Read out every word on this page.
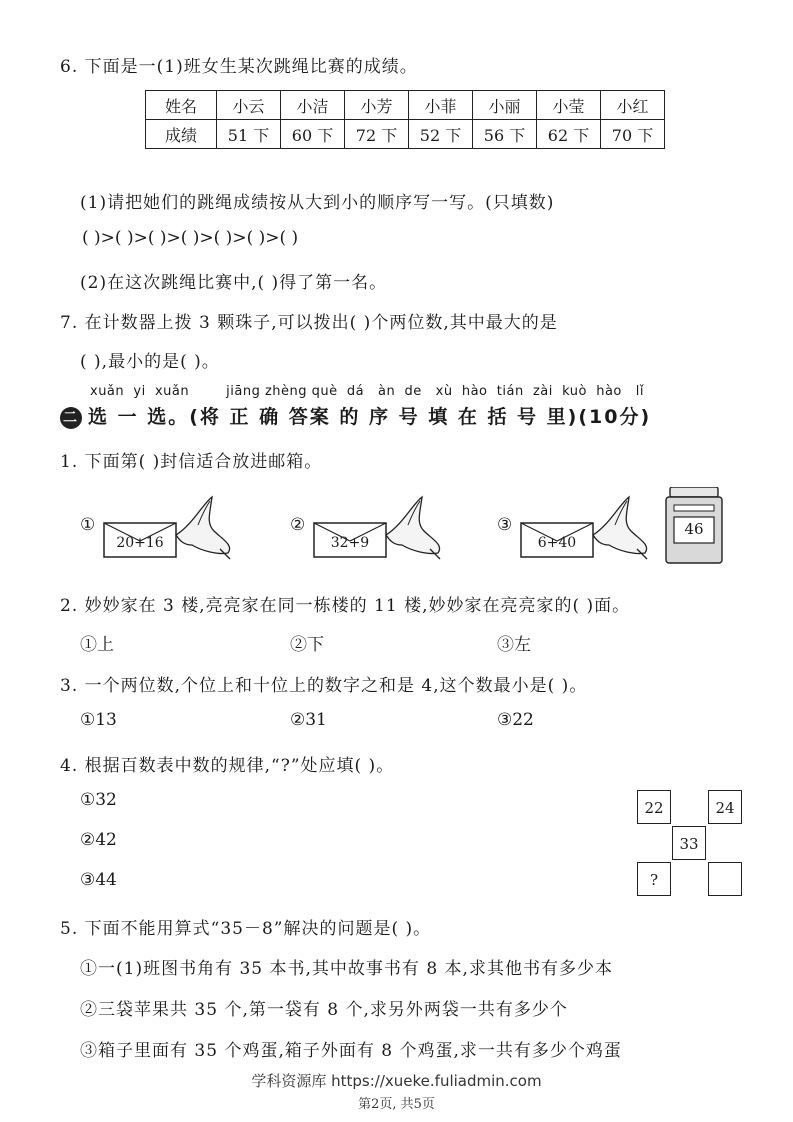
6. 下面是一(1)班女生某次跳绳比赛的成绩。
姓名	小云	小洁	小芳	小菲	小丽	小莹	小红
成绩	51 下	60 下	72 下	52 下	56 下	62 下	70 下
(1)请把她们的跳绳成绩按从大到小的顺序写一写。(只填数)
( )>( )>( )>( )>( )>( )>( )
(2)在这次跳绳比赛中,( )得了第一名。
7. 在计数器上拨 3 颗珠子,可以拨出( )个两位数,其中最大的是
( ),最小的是( )。
xuǎn  yi  xuǎn        jiāng zhèng què  dá   àn  de   xù  hào  tián  zài  kuò  hào   lǐ
二 选 一 选。(将 正 确 答案 的 序 号 填 在 括 号 里)(10分)
1. 下面第( )封信适合放进邮箱。
①
20+16
②
32+9
③
6+40
46
2. 妙妙家在 3 楼,亮亮家在同一栋楼的 11 楼,妙妙家在亮亮家的( )面。
①上	②下	③左
3. 一个两位数,个位上和十位上的数字之和是 4,这个数最小是( )。
①13	②31	③22
4. 根据百数表中数的规律,“?”处应填( )。
①32
②42
③44
22	24
33
?
5. 下面不能用算式“35－8”解决的问题是( )。
①一(1)班图书角有 35 本书,其中故事书有 8 本,求其他书有多少本
②三袋苹果共 35 个,第一袋有 8 个,求另外两袋一共有多少个
③箱子里面有 35 个鸡蛋,箱子外面有 8 个鸡蛋,求一共有多少个鸡蛋
学科资源库 https://xueke.fuliadmin.com
第2页, 共5页
